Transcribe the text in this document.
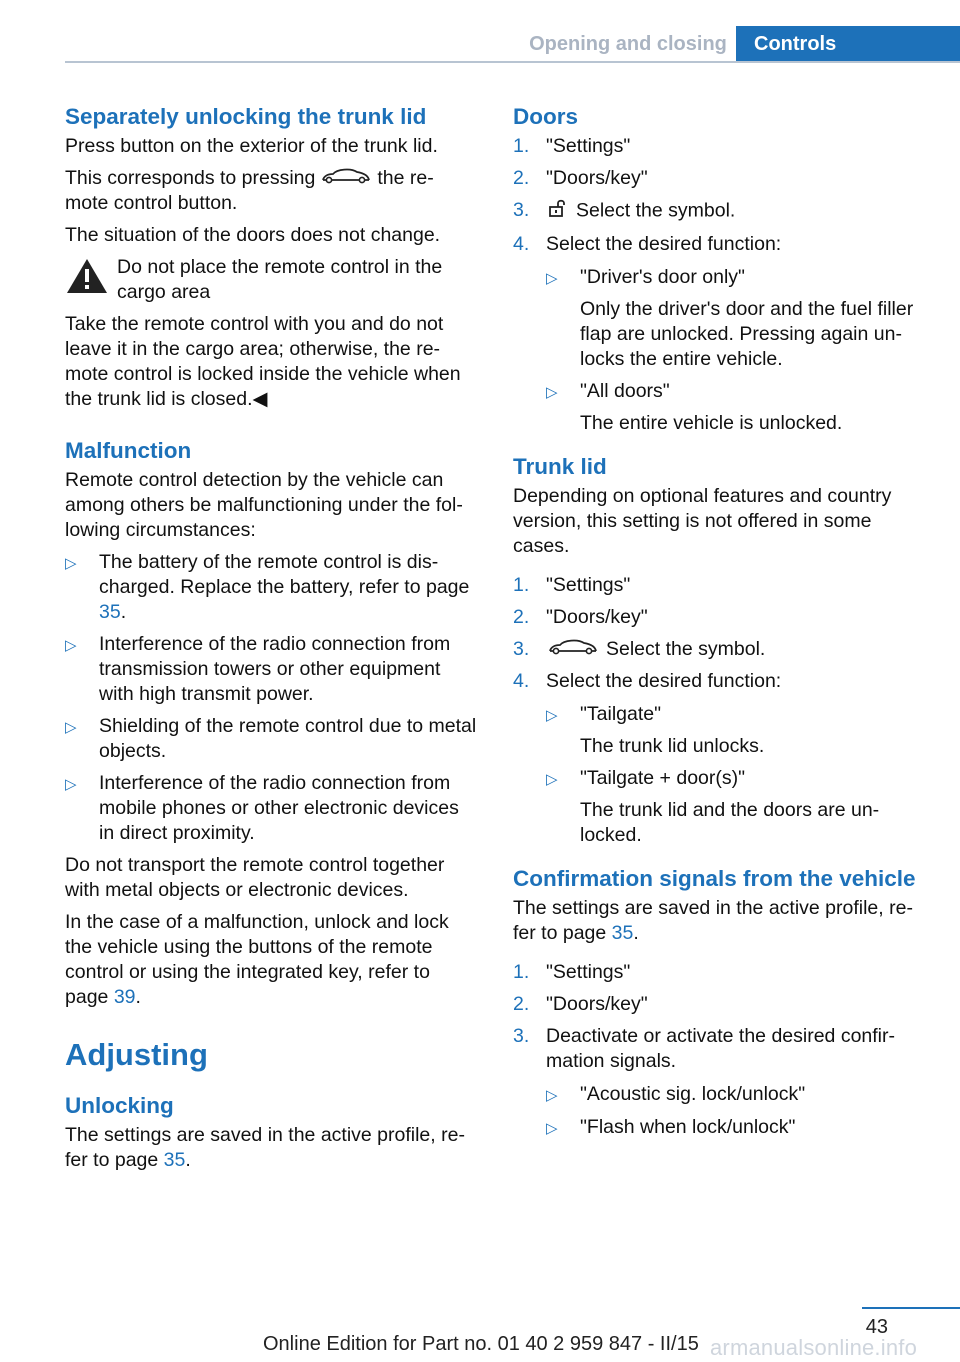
Opening and closing	Controls
Separately unlocking the trunk lid

Press button on the exterior of the trunk lid.

This corresponds to pressing	the re-mote control button.

The situation of the doors does not change.

Do not place the remote control in the cargo area

Take the remote control with you and do not leave it in the cargo area; otherwise, the re-mote control is locked inside the vehicle when the trunk lid is closed.◀

Malfunction

Remote control detection by the vehicle can among others be malfunctioning under the fol-lowing circumstances:

▷	The battery of the remote control is dis-charged. Replace the battery, refer to page 35.
▷	Interference of the radio connection from transmission towers or other equipment with high transmit power.
▷	Shielding of the remote control due to metal objects.
▷	Interference of the radio connection from mobile phones or other electronic devices in direct proximity.

Do not transport the remote control together with metal objects or electronic devices.

In the case of a malfunction, unlock and lock the vehicle using the buttons of the remote control or using the integrated key, refer to page 39.

Adjusting
Unlocking

The settings are saved in the active profile, re-fer to page 35.

Doors
1. "Settings"
2. "Doors/key"
3.	Select the symbol.
4. Select the desired function:
▷	"Driver's door only"
Only the driver's door and the fuel filler flap are unlocked. Pressing again un-locks the entire vehicle.
▷	"All doors"
The entire vehicle is unlocked.
Trunk lid

Depending on optional features and country version, this setting is not offered in some cases.

1. "Settings"
2. "Doors/key"
3.	Select the symbol.
4. Select the desired function:
▷	"Tailgate"
The trunk lid unlocks.
▷	"Tailgate + door(s)"
The trunk lid and the doors are un-locked.
Confirmation signals from the vehicle

The settings are saved in the active profile, re-fer to page 35.

1. "Settings"
2. "Doors/key"
3. Deactivate or activate the desired confir-mation signals.
▷	"Acoustic sig. lock/unlock"
▷	"Flash when lock/unlock"
43
Online Edition for Part no. 01 40 2 959 847 - II/15 armanualsonline.info
